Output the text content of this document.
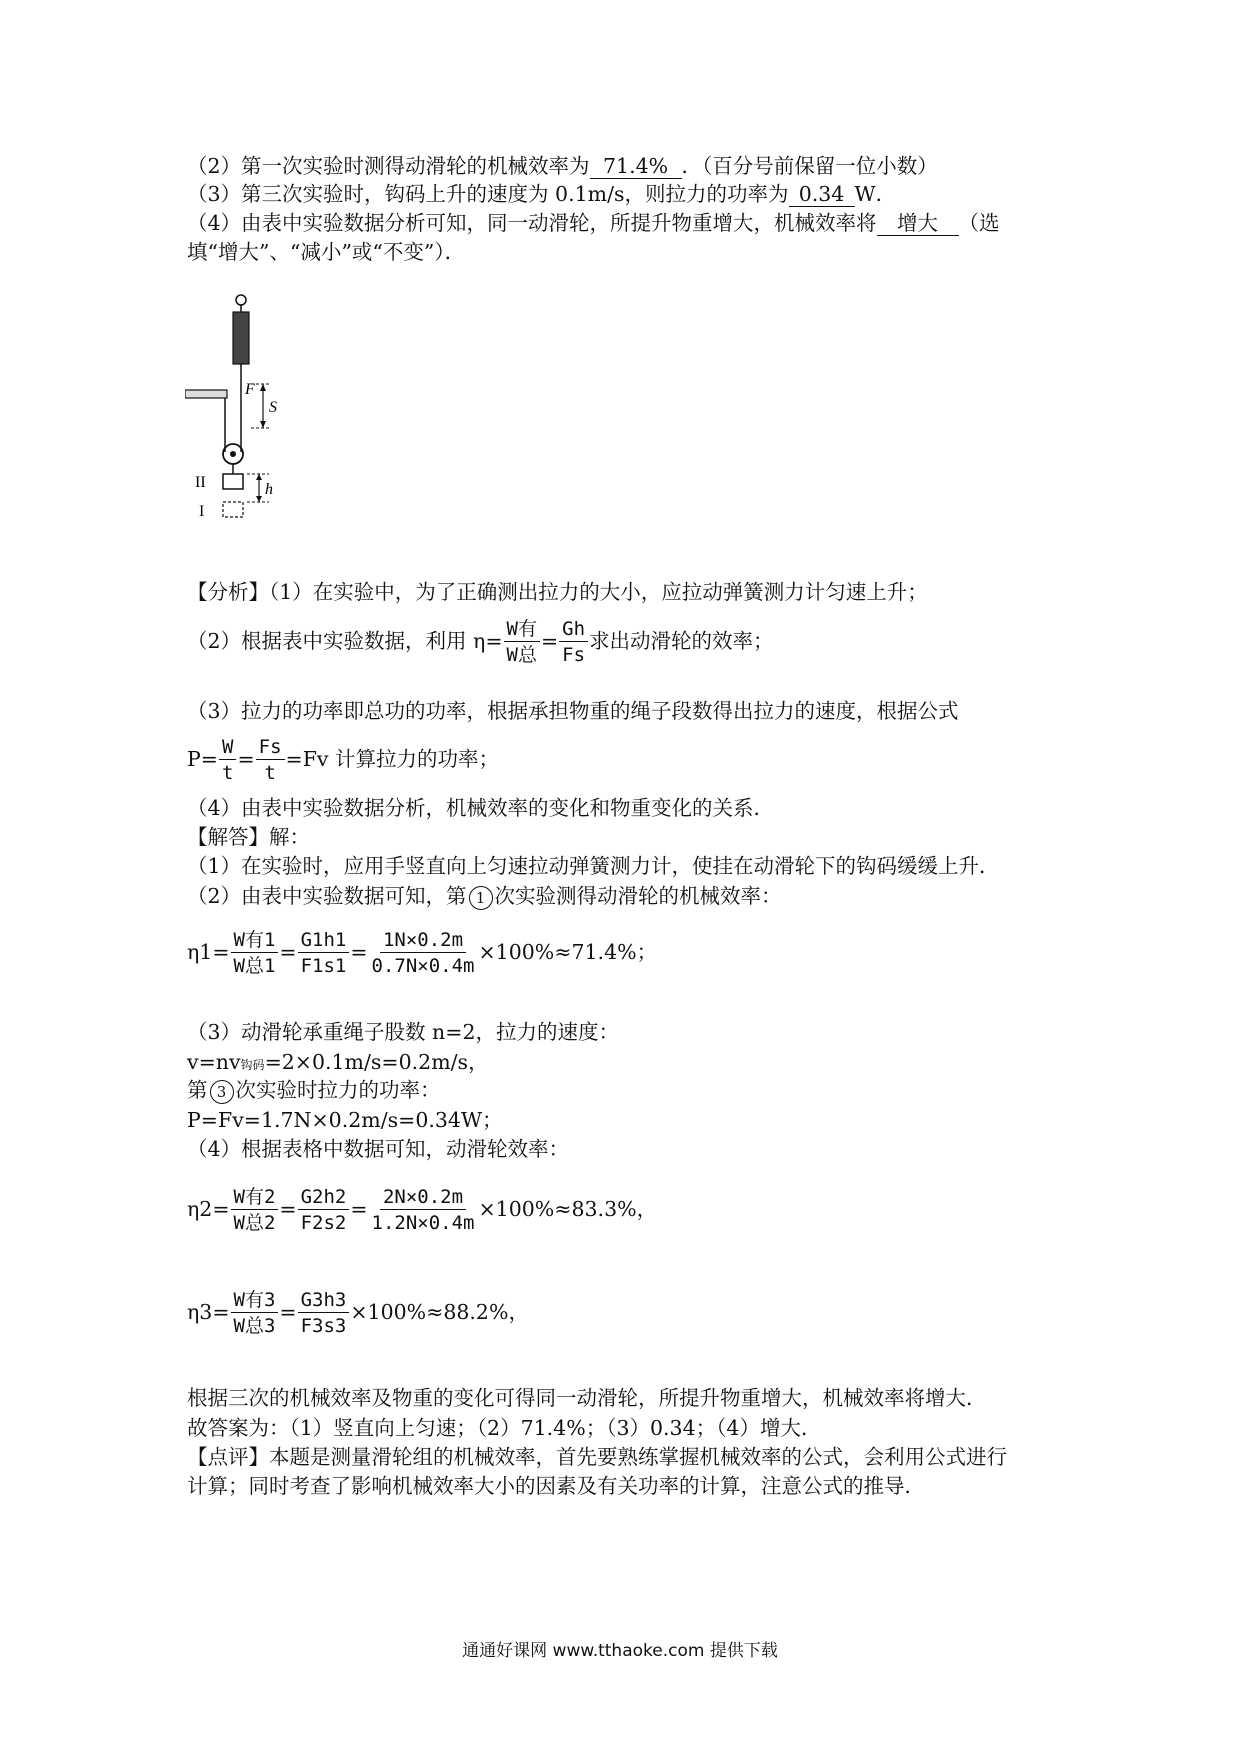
（2）第一次实验时测得动滑轮的机械效率为 71.4% ．（百分号前保留一位小数）
（3）第三次实验时，钩码上升的速度为 0.1m/s，则拉力的功率为 0.34 W．
（4）由表中实验数据分析可知，同一动滑轮，所提升物重增大，机械效率将 增大 （选
填“增大”、“减小”或“不变”）．
F
S
h
II
I
【分析】（1）在实验中，为了正确测出拉力的大小，应拉动弹簧测力计匀速上升；
（2）根据表中实验数据，利用 $\eta= \frac{\text{W有}}{\text{W总}} = \frac{Gh}{Fs}$ 求出动滑轮的效率；
（3）拉力的功率即总功的功率，根据承担物重的绳子段数得出拉力的速度，根据公式
$P= \frac{W}{t} = \frac{Fs}{t} =Fv$ 计算拉力的功率；
（4）由表中实验数据分析，机械效率的变化和物重变化的关系．
【解答】解：
（1）在实验时，应用手竖直向上匀速拉动弹簧测力计，使挂在动滑轮下的钩码缓缓上升．
（2）由表中实验数据可知，第 1 次实验测得动滑轮的机械效率：
$\eta 1= \frac{\text{W有1}}{\text{W总1}} = \frac{G1h1}{F1s1} = \frac{1N\times 0.2m}{0.7N\times 0.4m} \times 100\%\approx 71.4\%$；
（3）动滑轮承重绳子股数 n=2，拉力的速度：
v=nv钩码=2×0.1m/s=0.2m/s，
第 3 次实验时拉力的功率：
P=Fv=1.7N×0.2m/s=0.34W；
（4）根据表格中数据可知，动滑轮效率：
$\eta 2= \frac{\text{W有2}}{\text{W总2}} = \frac{G2h2}{F2s2} = \frac{2N\times 0.2m}{1.2N\times 0.4m} \times 100\%\approx 83.3\%$，
$\eta 3= \frac{\text{W有3}}{\text{W总3}} = \frac{G3h3}{F3s3} \times 100\%\approx 88.2\%$，
根据三次的机械效率及物重的变化可得同一动滑轮，所提升物重增大，机械效率将增大．
故答案为：（1）竖直向上匀速；（2）71.4%；（3）0.34；（4）增大．
【点评】本题是测量滑轮组的机械效率，首先要熟练掌握机械效率的公式，会利用公式进行
计算；同时考查了影响机械效率大小的因素及有关功率的计算，注意公式的推导．
通通好课网 www.tthaoke.com 提供下载
